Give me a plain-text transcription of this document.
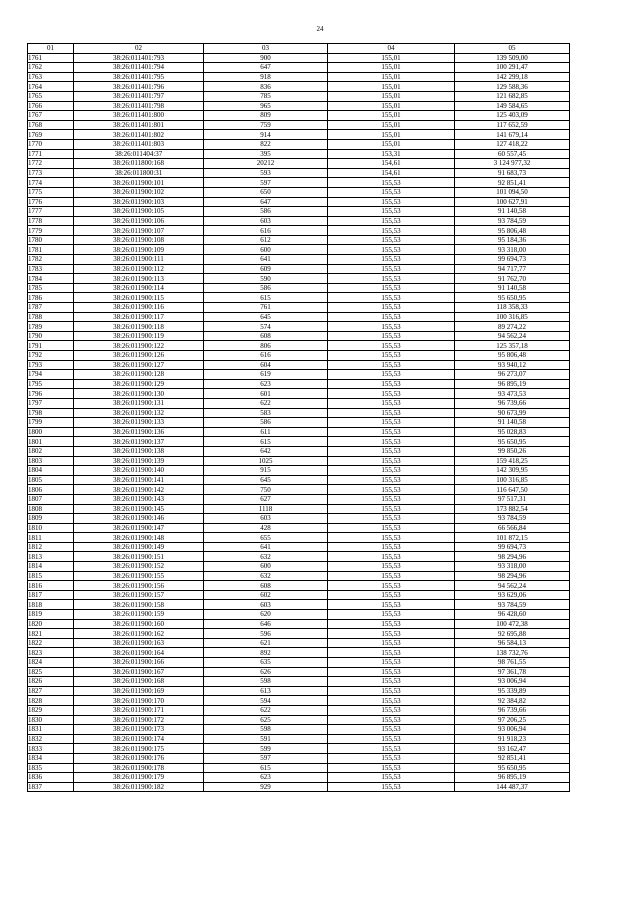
24
01	02	03	04	05
1761	38:26:011401:793	900	155,01	139 509,00
1762	38:26:011401:794	647	155,01	100 291,47
1763	38:26:011401:795	918	155,01	142 299,18
1764	38:26:011401:796	836	155,01	129 588,36
1765	38:26:011401:797	785	155,01	121 682,85
1766	38:26:011401:798	965	155,01	149 584,65
1767	38:26:011401:800	809	155,01	125 403,09
1768	38:26:011401:801	759	155,01	117 652,59
1769	38:26:011401:802	914	155,01	141 679,14
1770	38:26:011401:803	822	155,01	127 418,22
1771	38:26:011404:37	395	153,31	60 557,45
1772	38:26:011800:168	20212	154,61	3 124 977,32
1773	38:26:011800:31	593	154,61	91 683,73
1774	38:26:011900:101	597	155,53	92 851,41
1775	38:26:011900:102	650	155,53	101 094,50
1776	38:26:011900:103	647	155,53	100 627,91
1777	38:26:011900:105	586	155,53	91 140,58
1778	38:26:011900:106	603	155,53	93 784,59
1779	38:26:011900:107	616	155,53	95 806,48
1780	38:26:011900:108	612	155,53	95 184,36
1781	38:26:011900:109	600	155,53	93 318,00
1782	38:26:011900:111	641	155,53	99 694,73
1783	38:26:011900:112	609	155,53	94 717,77
1784	38:26:011900:113	590	155,53	91 762,70
1785	38:26:011900:114	586	155,53	91 140,58
1786	38:26:011900:115	615	155,53	95 650,95
1787	38:26:011900:116	761	155,53	118 358,33
1788	38:26:011900:117	645	155,53	100 316,85
1789	38:26:011900:118	574	155,53	89 274,22
1790	38:26:011900:119	608	155,53	94 562,24
1791	38:26:011900:122	806	155,53	125 357,18
1792	38:26:011900:126	616	155,53	95 806,48
1793	38:26:011900:127	604	155,53	93 940,12
1794	38:26:011900:128	619	155,53	96 273,07
1795	38:26:011900:129	623	155,53	96 895,19
1796	38:26:011900:130	601	155,53	93 473,53
1797	38:26:011900:131	622	155,53	96 739,66
1798	38:26:011900:132	583	155,53	90 673,99
1799	38:26:011900:133	586	155,53	91 140,58
1800	38:26:011900:136	611	155,53	95 028,83
1801	38:26:011900:137	615	155,53	95 650,95
1802	38:26:011900:138	642	155,53	99 850,26
1803	38:26:011900:139	1025	155,53	159 418,25
1804	38:26:011900:140	915	155,53	142 309,95
1805	38:26:011900:141	645	155,53	100 316,85
1806	38:26:011900:142	750	155,53	116 647,50
1807	38:26:011900:143	627	155,53	97 517,31
1808	38:26:011900:145	1118	155,53	173 882,54
1809	38:26:011900:146	603	155,53	93 784,59
1810	38:26:011900:147	428	155,53	66 566,84
1811	38:26:011900:148	655	155,53	101 872,15
1812	38:26:011900:149	641	155,53	99 694,73
1813	38:26:011900:151	632	155,53	98 294,96
1814	38:26:011900:152	600	155,53	93 318,00
1815	38:26:011900:155	632	155,53	98 294,96
1816	38:26:011900:156	608	155,53	94 562,24
1817	38:26:011900:157	602	155,53	93 629,06
1818	38:26:011900:158	603	155,53	93 784,59
1819	38:26:011900:159	620	155,53	96 428,60
1820	38:26:011900:160	646	155,53	100 472,38
1821	38:26:011900:162	596	155,53	92 695,88
1822	38:26:011900:163	621	155,53	96 584,13
1823	38:26:011900:164	892	155,53	138 732,76
1824	38:26:011900:166	635	155,53	98 761,55
1825	38:26:011900:167	626	155,53	97 361,78
1826	38:26:011900:168	598	155,53	93 006,94
1827	38:26:011900:169	613	155,53	95 339,89
1828	38:26:011900:170	594	155,53	92 384,82
1829	38:26:011900:171	622	155,53	96 739,66
1830	38:26:011900:172	625	155,53	97 206,25
1831	38:26:011900:173	598	155,53	93 006,94
1832	38:26:011900:174	591	155,53	91 918,23
1833	38:26:011900:175	599	155,53	93 162,47
1834	38:26:011900:176	597	155,53	92 851,41
1835	38:26:011900:178	615	155,53	95 650,95
1836	38:26:011900:179	623	155,53	96 895,19
1837	38:26:011900:182	929	155,53	144 487,37
